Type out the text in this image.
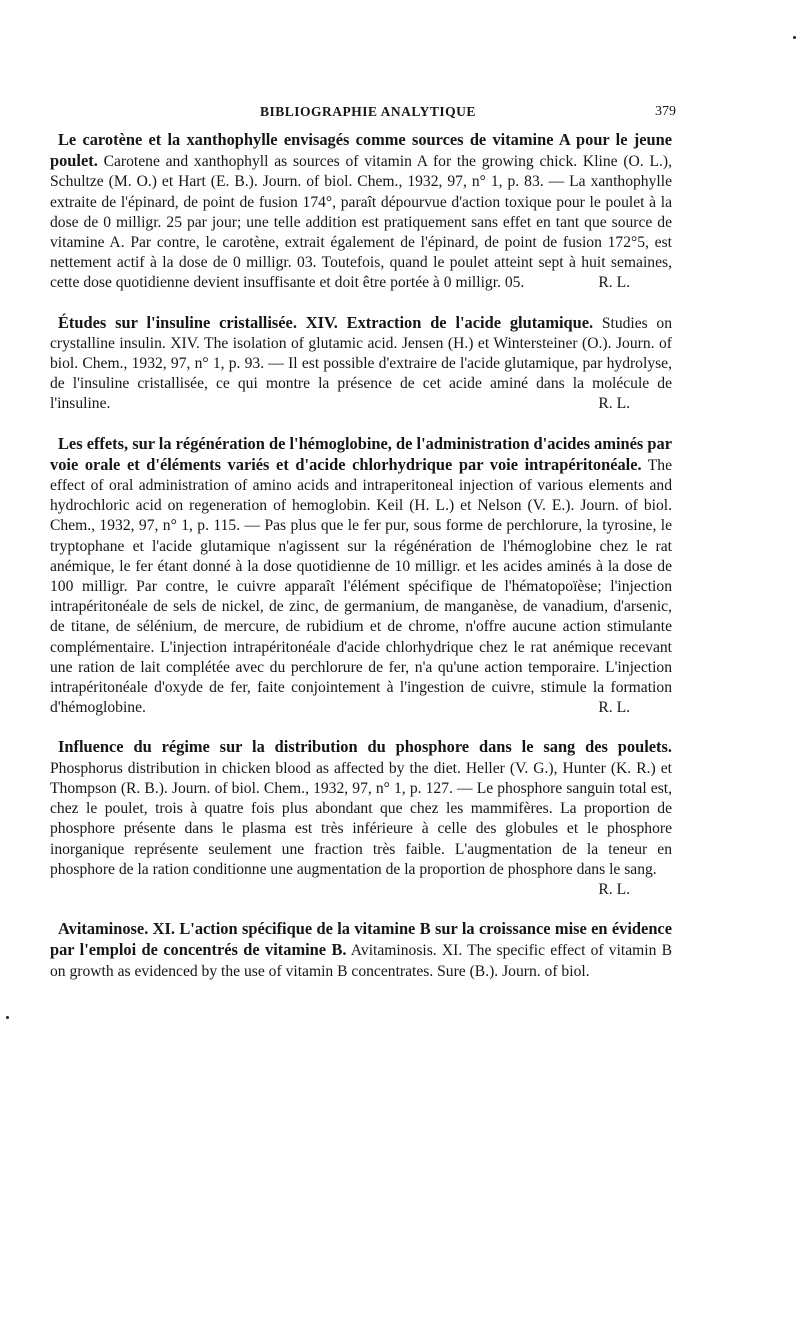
BIBLIOGRAPHIE ANALYTIQUE	379

Le carotène et la xanthophylle envisagés comme sources de vitamine A pour le jeune poulet. Carotene and xanthophyll as sources of vitamin A for the growing chick. Kline (O. L.), Schultze (M. O.) et Hart (E. B.). Journ. of biol. Chem., 1932, 97, n° 1, p. 83. — La xanthophylle extraite de l'épinard, de point de fusion 174°, paraît dépourvue d'action toxique pour le poulet à la dose de 0 milligr. 25 par jour; une telle addition est pratiquement sans effet en tant que source de vitamine A. Par contre, le carotène, extrait également de l'épinard, de point de fusion 172°5, est nettement actif à la dose de 0 milligr. 03. Toutefois, quand le poulet atteint sept à huit semaines, cette dose quotidienne devient insuffisante et doit être portée à 0 milligr. 05.	R. L.

Études sur l'insuline cristallisée. XIV. Extraction de l'acide glutamique. Studies on crystalline insulin. XIV. The isolation of glutamic acid. Jensen (H.) et Wintersteiner (O.). Journ. of biol. Chem., 1932, 97, n° 1, p. 93. — Il est possible d'extraire de l'acide glutamique, par hydrolyse, de l'insuline cristallisée, ce qui montre la présence de cet acide aminé dans la molécule de l'insuline.	R. L.

Les effets, sur la régénération de l'hémoglobine, de l'administration d'acides aminés par voie orale et d'éléments variés et d'acide chlorhydrique par voie intrapéritonéale. The effect of oral administration of amino acids and intraperitoneal injection of various elements and hydrochloric acid on regeneration of hemoglobin. Keil (H. L.) et Nelson (V. E.). Journ. of biol. Chem., 1932, 97, n° 1, p. 115. — Pas plus que le fer pur, sous forme de perchlorure, la tyrosine, le tryptophane et l'acide glutamique n'agissent sur la régénération de l'hémoglobine chez le rat anémique, le fer étant donné à la dose quotidienne de 10 milligr. et les acides aminés à la dose de 100 milligr. Par contre, le cuivre apparaît l'élément spécifique de l'hématopoïèse; l'injection intrapéritonéale de sels de nickel, de zinc, de germanium, de manganèse, de vanadium, d'arsenic, de titane, de sélénium, de mercure, de rubidium et de chrome, n'offre aucune action stimulante complémentaire. L'injection intrapéritonéale d'acide chlorhydrique chez le rat anémique recevant une ration de lait complétée avec du perchlorure de fer, n'a qu'une action temporaire. L'injection intrapéritonéale d'oxyde de fer, faite conjointement à l'ingestion de cuivre, stimule la formation d'hémoglobine.	R. L.

Influence du régime sur la distribution du phosphore dans le sang des poulets. Phosphorus distribution in chicken blood as affected by the diet. Heller (V. G.), Hunter (K. R.) et Thompson (R. B.). Journ. of biol. Chem., 1932, 97, n° 1, p. 127. — Le phosphore sanguin total est, chez le poulet, trois à quatre fois plus abondant que chez les mammifères. La proportion de phosphore présente dans le plasma est très inférieure à celle des globules et le phosphore inorganique représente seulement une fraction très faible. L'augmentation de la teneur en phosphore de la ration conditionne une augmentation de la proportion de phosphore dans le sang.
R. L.

Avitaminose. XI. L'action spécifique de la vitamine B sur la croissance mise en évidence par l'emploi de concentrés de vitamine B. Avitaminosis. XI. The specific effect of vitamin B on growth as evidenced by the use of vitamin B concentrates. Sure (B.). Journ. of biol.
